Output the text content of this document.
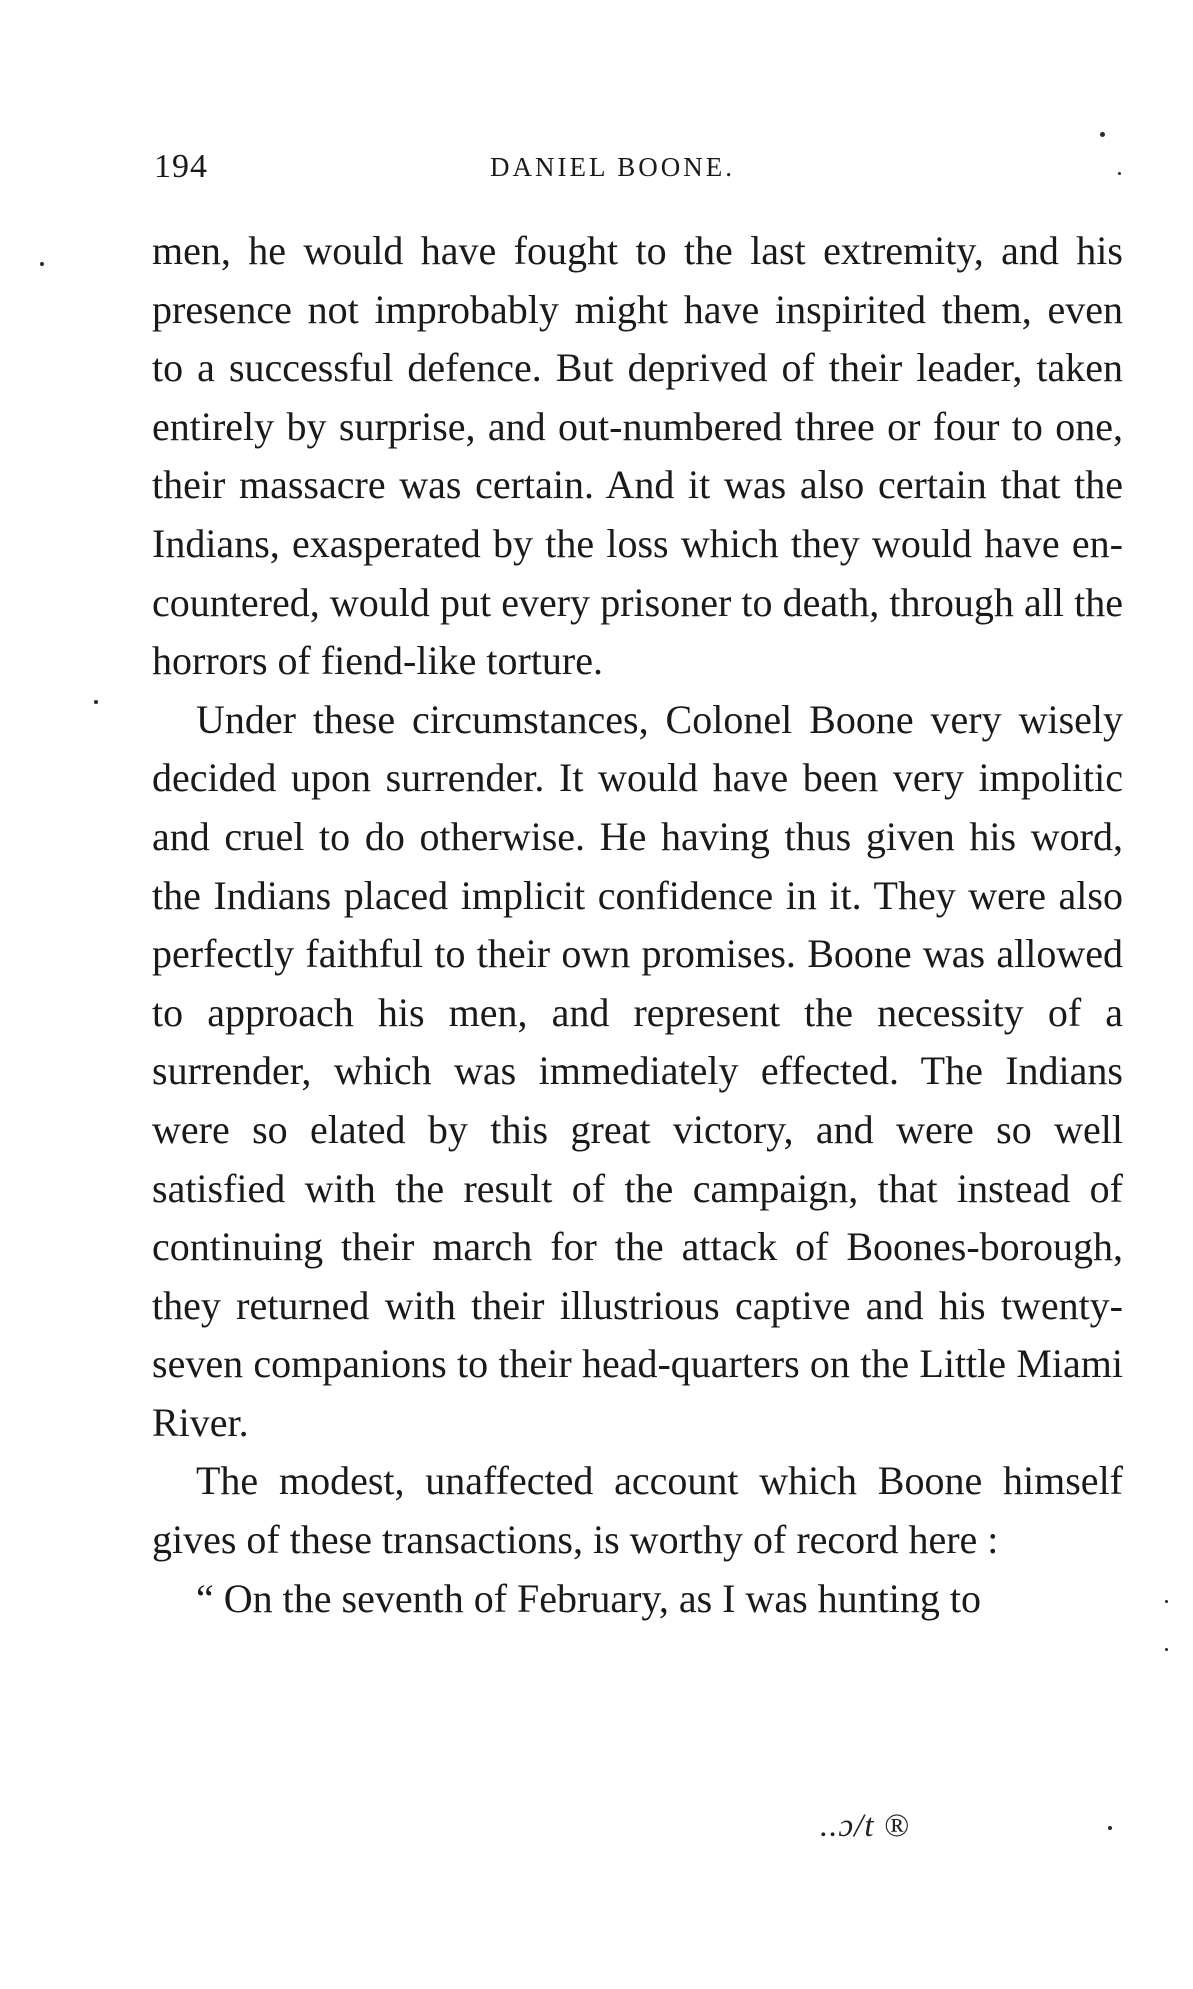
194	DANIEL BOONE.

men, he would have fought to the last extremity, and his presence not improbably might have inspirited them, even to a successful defence. But deprived of their leader, taken entirely by surprise, and out-numbered three or four to one, their massacre was certain. And it was also certain that the Indians, exasperated by the loss which they would have en-countered, would put every prisoner to death, through all the horrors of fiend-like torture.

Under these circumstances, Colonel Boone very wisely decided upon surrender. It would have been very impolitic and cruel to do otherwise. He having thus given his word, the Indians placed implicit confidence in it. They were also perfectly faithful to their own promises. Boone was allowed to approach his men, and represent the necessity of a surrender, which was immediately effected. The Indians were so elated by this great victory, and were so well satisfied with the result of the campaign, that instead of continuing their march for the attack of Boones-borough, they returned with their illustrious captive and his twenty-seven companions to their head-quarters on the Little Miami River.

The modest, unaffected account which Boone himself gives of these transactions, is worthy of record here :

“ On the seventh of February, as I was hunting to

..ɔ/t ®
